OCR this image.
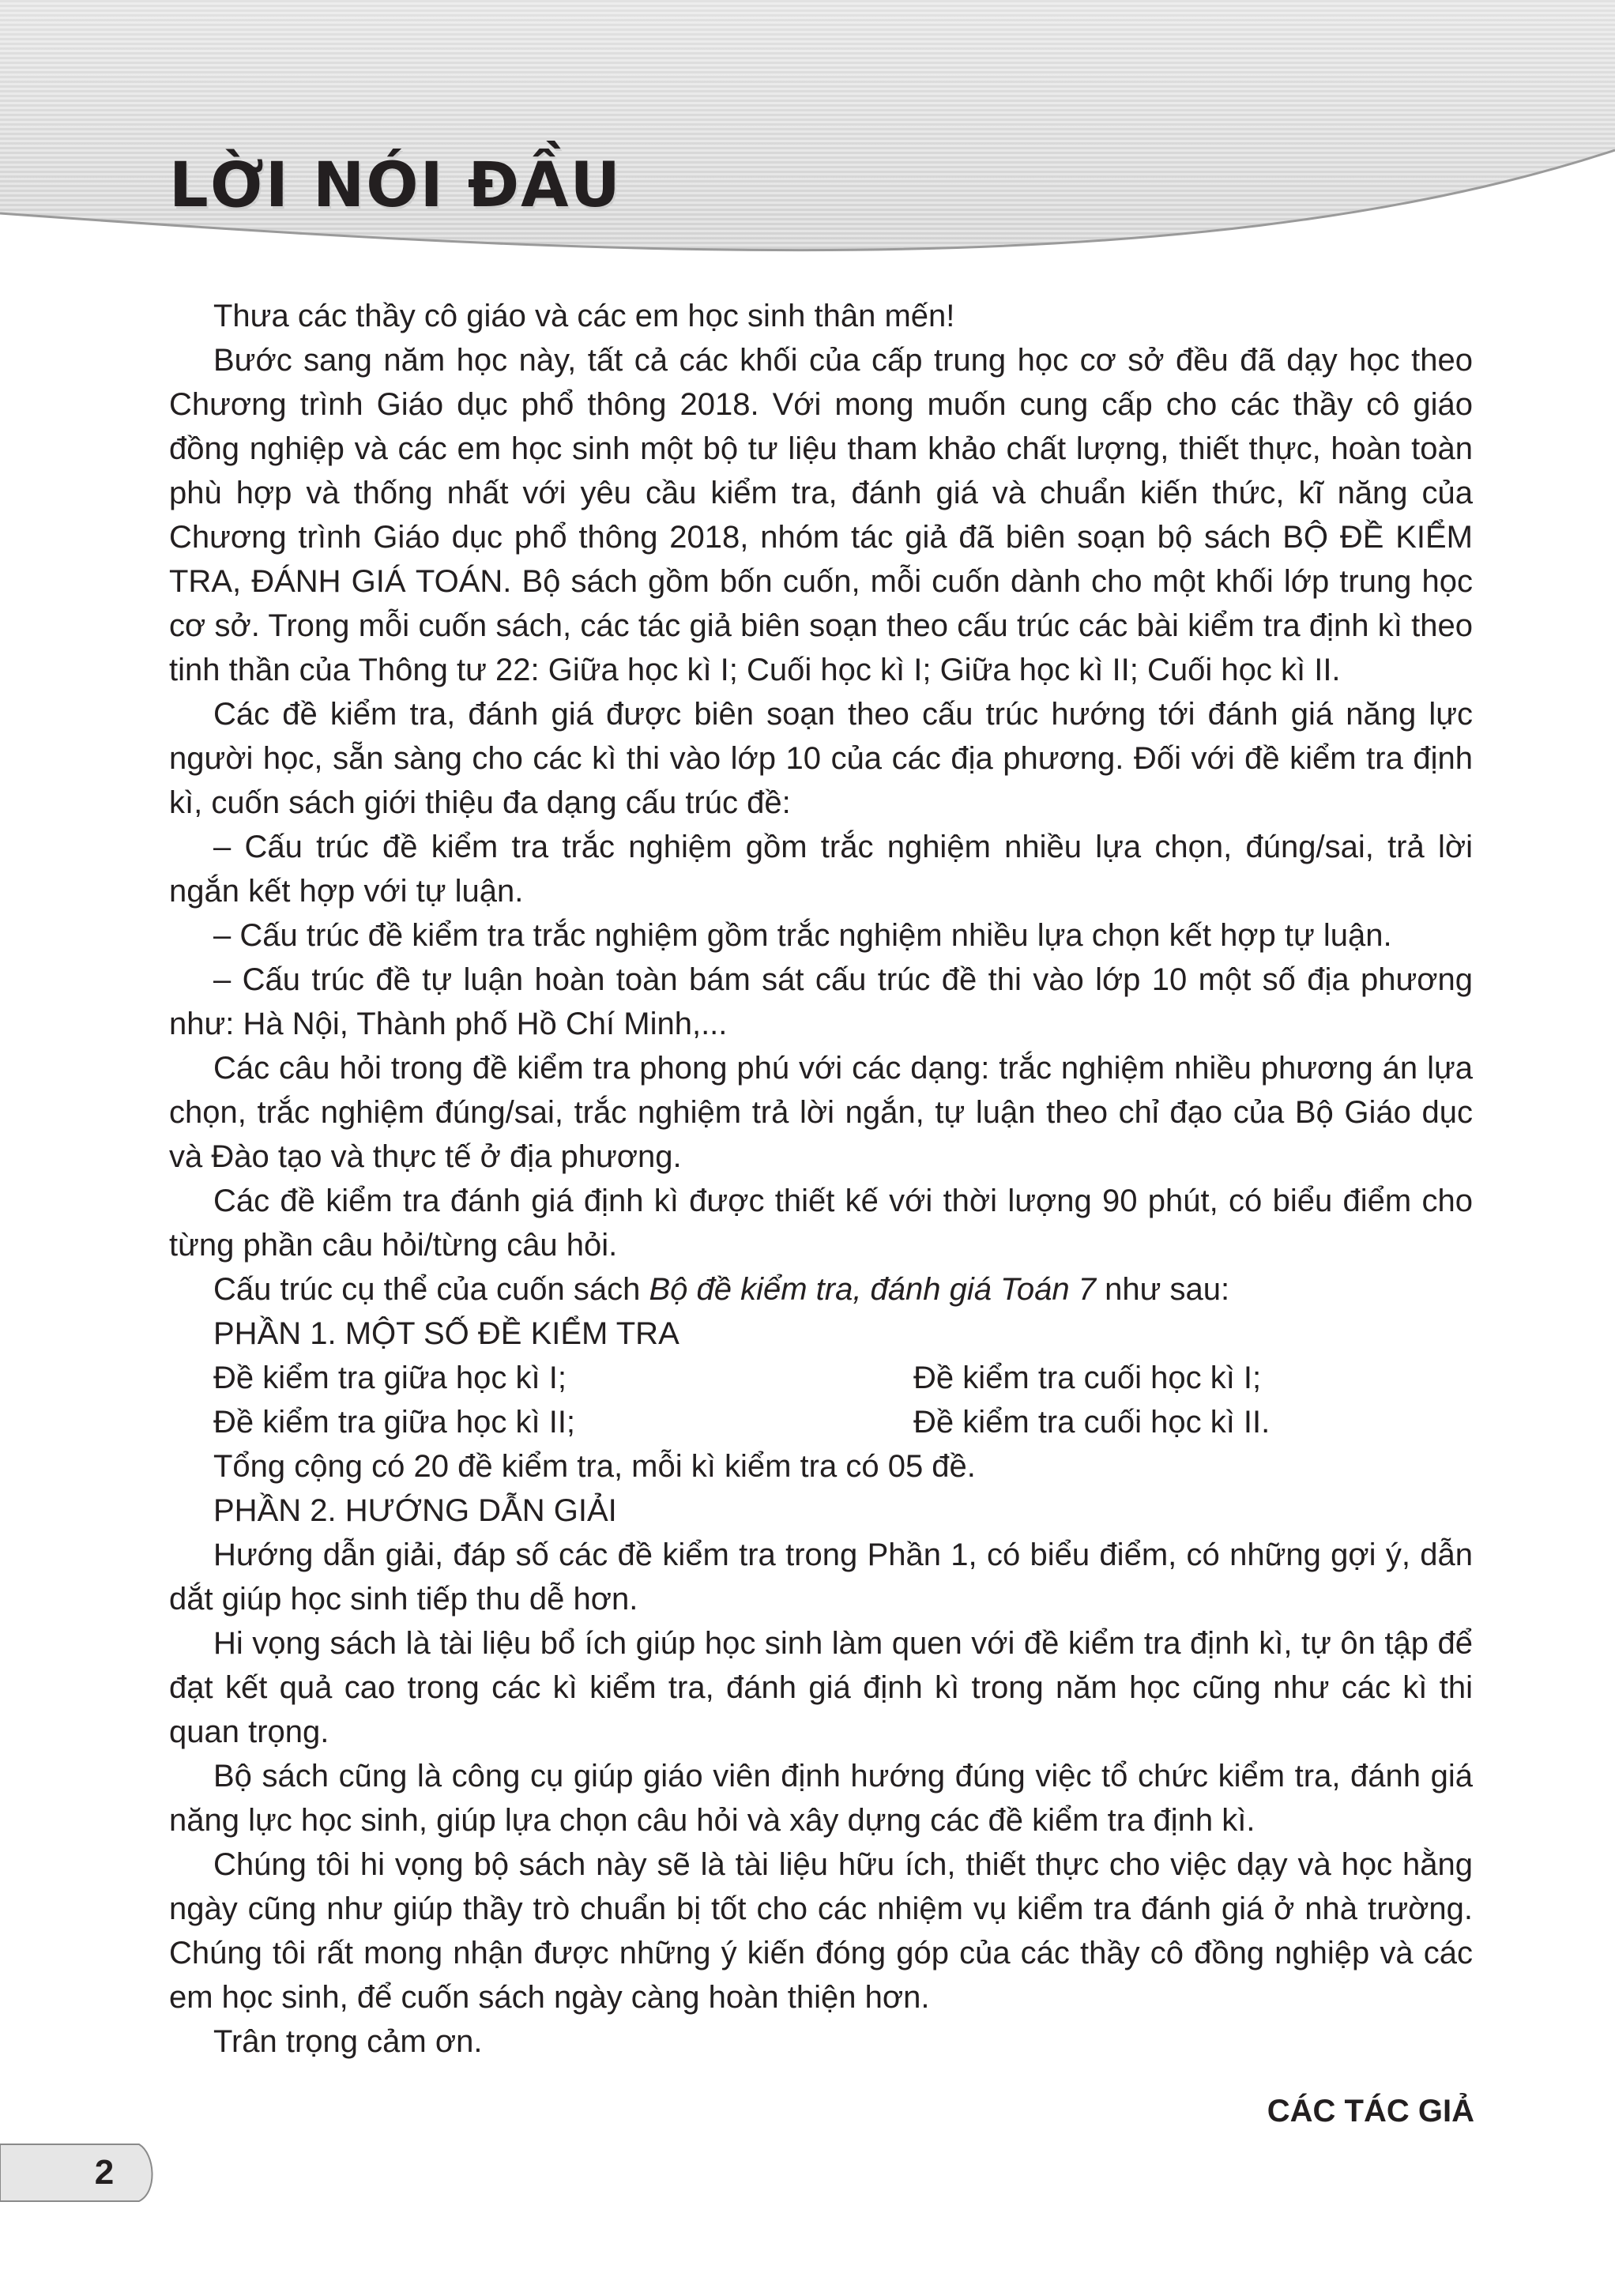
LỜI NÓI ĐẦU

Thưa các thầy cô giáo và các em học sinh thân mến!

Bước sang năm học này, tất cả các khối của cấp trung học cơ sở đều đã dạy học theo Chương trình Giáo dục phổ thông 2018. Với mong muốn cung cấp cho các thầy cô giáo đồng nghiệp và các em học sinh một bộ tư liệu tham khảo chất lượng, thiết thực, hoàn toàn phù hợp và thống nhất với yêu cầu kiểm tra, đánh giá và chuẩn kiến thức, kĩ năng của Chương trình Giáo dục phổ thông 2018, nhóm tác giả đã biên soạn bộ sách BỘ ĐỀ KIỂM TRA, ĐÁNH GIÁ TOÁN. Bộ sách gồm bốn cuốn, mỗi cuốn dành cho một khối lớp trung học cơ sở. Trong mỗi cuốn sách, các tác giả biên soạn theo cấu trúc các bài kiểm tra định kì theo tinh thần của Thông tư 22: Giữa học kì I; Cuối học kì I; Giữa học kì II; Cuối học kì II.

Các đề kiểm tra, đánh giá được biên soạn theo cấu trúc hướng tới đánh giá năng lực người học, sẵn sàng cho các kì thi vào lớp 10 của các địa phương. Đối với đề kiểm tra định kì, cuốn sách giới thiệu đa dạng cấu trúc đề:

– Cấu trúc đề kiểm tra trắc nghiệm gồm trắc nghiệm nhiều lựa chọn, đúng/sai, trả lời ngắn kết hợp với tự luận.

– Cấu trúc đề kiểm tra trắc nghiệm gồm trắc nghiệm nhiều lựa chọn kết hợp tự luận.

– Cấu trúc đề tự luận hoàn toàn bám sát cấu trúc đề thi vào lớp 10 một số địa phương như: Hà Nội, Thành phố Hồ Chí Minh,...

Các câu hỏi trong đề kiểm tra phong phú với các dạng: trắc nghiệm nhiều phương án lựa chọn, trắc nghiệm đúng/sai, trắc nghiệm trả lời ngắn, tự luận theo chỉ đạo của Bộ Giáo dục và Đào tạo và thực tế ở địa phương.

Các đề kiểm tra đánh giá định kì được thiết kế với thời lượng 90 phút, có biểu điểm cho từng phần câu hỏi/từng câu hỏi.

Cấu trúc cụ thể của cuốn sách Bộ đề kiểm tra, đánh giá Toán 7 như sau:

PHẦN 1. MỘT SỐ ĐỀ KIỂM TRA

Đề kiểm tra giữa học kì I;	Đề kiểm tra cuối học kì I;
Đề kiểm tra giữa học kì II;	Đề kiểm tra cuối học kì II.

Tổng cộng có 20 đề kiểm tra, mỗi kì kiểm tra có 05 đề.

PHẦN 2. HƯỚNG DẪN GIẢI

Hướng dẫn giải, đáp số các đề kiểm tra trong Phần 1, có biểu điểm, có những gợi ý, dẫn dắt giúp học sinh tiếp thu dễ hơn.

Hi vọng sách là tài liệu bổ ích giúp học sinh làm quen với đề kiểm tra định kì, tự ôn tập để đạt kết quả cao trong các kì kiểm tra, đánh giá định kì trong năm học cũng như các kì thi quan trọng.

Bộ sách cũng là công cụ giúp giáo viên định hướng đúng việc tổ chức kiểm tra, đánh giá năng lực học sinh, giúp lựa chọn câu hỏi và xây dựng các đề kiểm tra định kì.

Chúng tôi hi vọng bộ sách này sẽ là tài liệu hữu ích, thiết thực cho việc dạy và học hằng ngày cũng như giúp thầy trò chuẩn bị tốt cho các nhiệm vụ kiểm tra đánh giá ở nhà trường. Chúng tôi rất mong nhận được những ý kiến đóng góp của các thầy cô đồng nghiệp và các em học sinh, để cuốn sách ngày càng hoàn thiện hơn.

Trân trọng cảm ơn.

CÁC TÁC GIẢ

2
